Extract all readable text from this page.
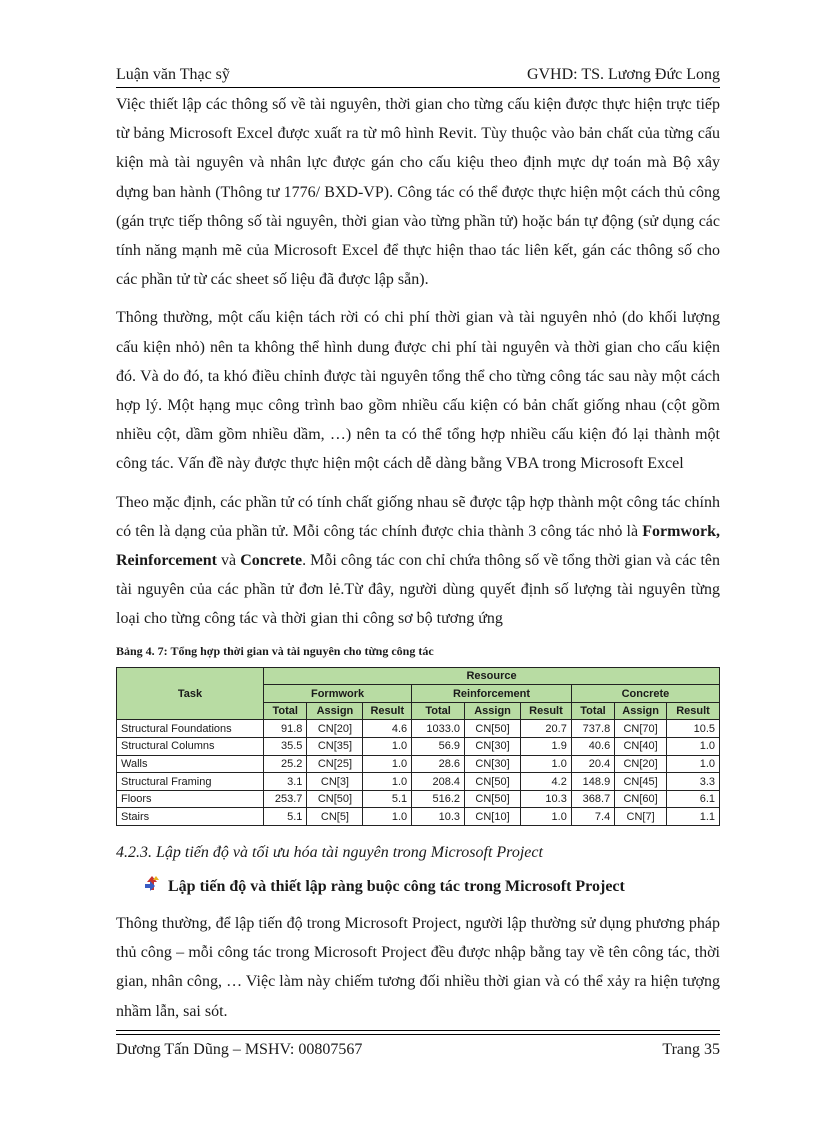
Luận văn Thạc sỹ	GVHD: TS. Lương Đức Long

Việc thiết lập các thông số về tài nguyên, thời gian cho từng cấu kiện được thực hiện trực tiếp từ bảng Microsoft Excel được xuất ra từ mô hình Revit. Tùy thuộc vào bản chất của từng cấu kiện mà tài nguyên và nhân lực được gán cho cấu kiệu theo định mực dự toán mà Bộ xây dựng ban hành (Thông tư 1776/ BXD-VP). Công tác có thể được thực hiện một cách thủ công (gán trực tiếp thông số tài nguyên, thời gian vào từng phần tử) hoặc bán tự động (sử dụng các tính năng mạnh mẽ của Microsoft Excel để thực hiện thao tác liên kết, gán các thông số cho các phần tử từ các sheet số liệu đã được lập sẵn).

Thông thường, một cấu kiện tách rời có chi phí thời gian và tài nguyên nhỏ (do khối lượng cấu kiện nhỏ) nên ta không thể hình dung được chi phí tài nguyên và thời gian cho cấu kiện đó. Và do đó, ta khó điều chỉnh được tài nguyên tổng thể cho từng công tác sau này một cách hợp lý. Một hạng mục công trình bao gồm nhiều cấu kiện có bản chất giống nhau (cột gồm nhiều cột, dầm gồm nhiều dầm, …) nên ta có thể tổng hợp nhiều cấu kiện đó lại thành một công tác. Vấn đề này được thực hiện một cách dễ dàng bằng VBA trong Microsoft Excel

Theo mặc định, các phần tử có tính chất giống nhau sẽ được tập hợp thành một công tác chính có tên là dạng của phần tử. Mỗi công tác chính được chia thành 3 công tác nhỏ là Formwork, Reinforcement và Concrete. Mỗi công tác con chỉ chứa thông số về tổng thời gian và các tên tài nguyên của các phần tử đơn lẻ.Từ đây, người dùng quyết định số lượng tài nguyên từng loại cho từng công tác và thời gian thi công sơ bộ tương ứng

Bảng 4. 7: Tổng hợp thời gian và tài nguyên cho từng công tác
Task	Resource								
	Formwork			Reinforcement			Concrete		
	Total	Assign	Result	Total	Assign	Result	Total	Assign	Result
Structural Foundations	91.8	CN[20]	4.6	1033.0	CN[50]	20.7	737.8	CN[70]	10.5
Structural Columns	35.5	CN[35]	1.0	56.9	CN[30]	1.9	40.6	CN[40]	1.0
Walls	25.2	CN[25]	1.0	28.6	CN[30]	1.0	20.4	CN[20]	1.0
Structural Framing	3.1	CN[3]	1.0	208.4	CN[50]	4.2	148.9	CN[45]	3.3
Floors	253.7	CN[50]	5.1	516.2	CN[50]	10.3	368.7	CN[60]	6.1
Stairs	5.1	CN[5]	1.0	10.3	CN[10]	1.0	7.4	CN[7]	1.1
4.2.3. Lập tiến độ và tối ưu hóa tài nguyên trong Microsoft Project
Lập tiến độ và thiết lập ràng buộc công tác trong Microsoft Project

Thông thường, để lập tiến độ trong Microsoft Project, người lập thường sử dụng phương pháp thủ công – mỗi công tác trong Microsoft Project đều được nhập bằng tay về tên công tác, thời gian, nhân công, … Việc làm này chiếm tương đối nhiều thời gian và có thể xảy ra hiện tượng nhầm lẫn, sai sót.

Dương Tấn Dũng – MSHV: 00807567	Trang 35
